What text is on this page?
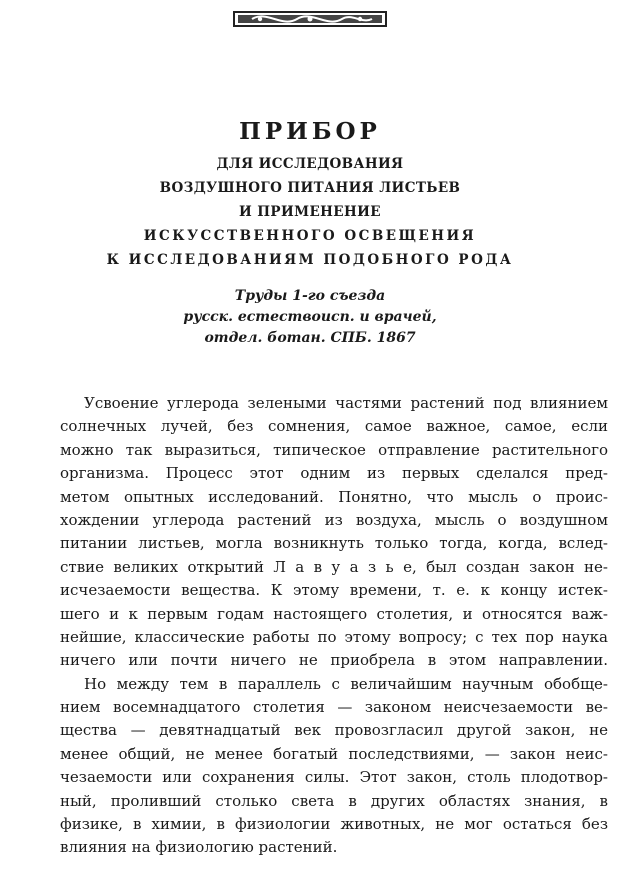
ПРИБОР
ДЛЯ ИССЛЕДОВАНИЯ
ВОЗДУШНОГО ПИТАНИЯ ЛИСТЬЕВ
И ПРИМЕНЕНИЕ
ИСКУССТВЕННОГО ОСВЕЩЕНИЯ
К ИССЛЕДОВАНИЯМ ПОДОБНОГО РОДА
Труды 1-го съезда
русск. естествоисп. и врачей,
отдел. ботан. СПБ. 1867

Усвоение углерода зелеными частями растений под влиянием
солнечных лучей, без сомнения, самое важное, самое, если
можно так выразиться, типическое отправление растительного
организма. Процесс этот одним из первых сделался пред-
метом опытных исследований. Понятно, что мысль о проис-
хождении углерода растений из воздуха, мысль о воздушном
питании листьев, могла возникнуть только тогда, когда, вслед-
ствие великих открытий Л а в у а з ь е, был создан закон не-
исчезаемости вещества. К этому времени, т. е. к концу истек-
шего и к первым годам настоящего столетия, и относятся важ-
нейшие, классические работы по этому вопросу; с тех пор наука
ничего или почти ничего не приобрела в этом направлении.

Но между тем в параллель с величайшим научным обобще-
нием восемнадцатого столетия — законом неисчезаемости ве-
щества — девятнадцатый век провозгласил другой закон, не
менее общий, не менее богатый последствиями, — закон неис-
чезаемости или сохранения силы. Этот закон, столь плодотвор-
ный, проливший столько света в других областях знания, в
физике, в химии, в физиологии животных, не мог остаться без
влияния на физиологию растений.
